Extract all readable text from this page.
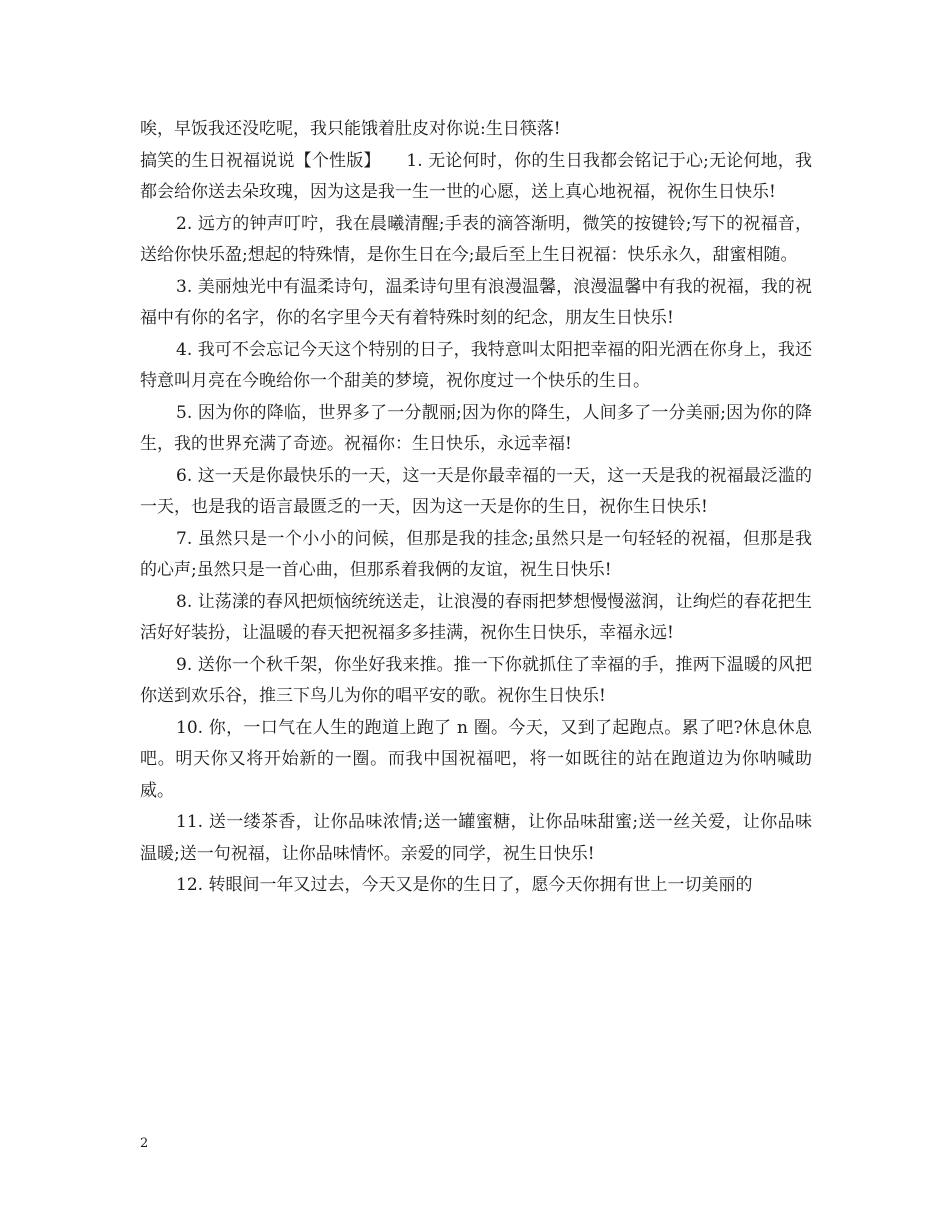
唉，早饭我还没吃呢，我只能饿着肚皮对你说:生日筷落!

搞笑的生日祝福说说【个性版】　　1. 无论何时，你的生日我都会铭记于心;无论何地，我都会给你送去朵玫瑰，因为这是我一生一世的心愿，送上真心地祝福，祝你生日快乐!

2. 远方的钟声叮咛，我在晨曦清醒;手表的滴答渐明，微笑的按键铃;写下的祝福音，送给你快乐盈;想起的特殊情，是你生日在今;最后至上生日祝福：快乐永久，甜蜜相随。

3. 美丽烛光中有温柔诗句，温柔诗句里有浪漫温馨，浪漫温馨中有我的祝福，我的祝福中有你的名字，你的名字里今天有着特殊时刻的纪念，朋友生日快乐!

4. 我可不会忘记今天这个特别的日子，我特意叫太阳把幸福的阳光洒在你身上，我还特意叫月亮在今晚给你一个甜美的梦境，祝你度过一个快乐的生日。

5. 因为你的降临，世界多了一分靓丽;因为你的降生，人间多了一分美丽;因为你的降生，我的世界充满了奇迹。祝福你：生日快乐，永远幸福!

6. 这一天是你最快乐的一天，这一天是你最幸福的一天，这一天是我的祝福最泛滥的一天，也是我的语言最匮乏的一天，因为这一天是你的生日，祝你生日快乐!

7. 虽然只是一个小小的问候，但那是我的挂念;虽然只是一句轻轻的祝福，但那是我的心声;虽然只是一首心曲，但那系着我俩的友谊，祝生日快乐!

8. 让荡漾的春风把烦恼统统送走，让浪漫的春雨把梦想慢慢滋润，让绚烂的春花把生活好好装扮，让温暖的春天把祝福多多挂满，祝你生日快乐，幸福永远!

9. 送你一个秋千架，你坐好我来推。推一下你就抓住了幸福的手，推两下温暖的风把你送到欢乐谷，推三下鸟儿为你的唱平安的歌。祝你生日快乐!

10. 你，一口气在人生的跑道上跑了 n 圈。今天，又到了起跑点。累了吧?休息休息吧。明天你又将开始新的一圈。而我中国祝福吧，将一如既往的站在跑道边为你呐喊助威。

11. 送一缕茶香，让你品味浓情;送一罐蜜糖，让你品味甜蜜;送一丝关爱，让你品味温暖;送一句祝福，让你品味情怀。亲爱的同学，祝生日快乐!

12. 转眼间一年又过去，今天又是你的生日了，愿今天你拥有世上一切美丽的

2
